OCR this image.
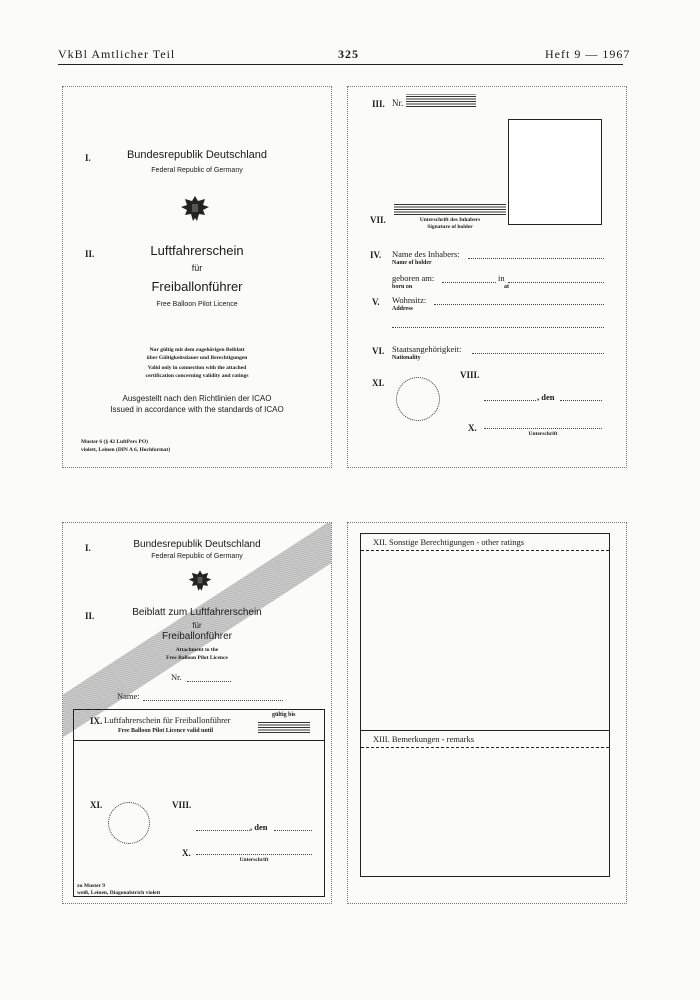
VkBl Amtlicher Teil	325	Heft 9 — 1967
I.	Bundesrepublik Deutschland
Federal Republic of Germany
II.	Luftfahrerschein
für
Freiballonführer
Free Balloon Pilot Licence
Nur gültig mit dem zugehörigen Beiblatt
über Gültigkeitsdauer und Berechtigungen
Valid only in connection with the attached
certification concerning validity and ratings
Ausgestellt nach den Richtlinien der ICAO
Issued in accordance with the standards of ICAO
Muster 6 (§ 42 LuftPers PO)
violett, Leinen (DIN A 6, Hochformat)
III. Nr.
VII.	Unterschrift des Inhabers
Signature of holder
IV. Name des Inhabers:
Name of holder
geboren am:	in
born on	at
V. Wohnsitz:
Address
VI. Staatsangehörigkeit:
Nationality
XI.
VIII.
, den
X.
Unterschrift
I.	Bundesrepublik Deutschland
Federal Republic of Germany
II.	Beiblatt zum Luftfahrerschein
für
Freiballonführer
Attachment to the
Free Balloon Pilot Licence
Nr.
Name:
IX. Luftfahrerschein für Freiballonführer
Free Balloon Pilot Licence valid until
gültig bis
XI.	VIII.
, den
X.
Unterschrift
zu Muster 9
weiß, Leinen, Diagonalstrich violett
XII. Sonstige Berechtigungen - other ratings
XIII. Bemerkungen - remarks
